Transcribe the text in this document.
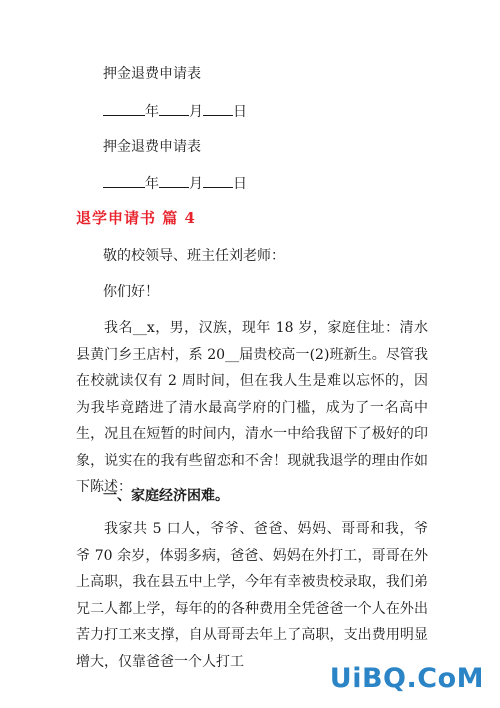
押金退费申请表
年 月 日
押金退费申请表
年 月 日
退学申请书 篇 4
敬的校领导、班主任刘老师：
你们好！
我名__x，男，汉族，现年 18 岁，家庭住址：清水县黄门乡王店村，系 20__届贵校高一(2)班新生。尽管我在校就读仅有 2 周时间，但在我人生是难以忘怀的，因为我毕竟踏进了清水最高学府的门槛，成为了一名高中生，况且在短暂的时间内，清水一中给我留下了极好的印象，说实在的我有些留恋和不舍！现就我退学的理由作如下陈述：
一、家庭经济困难。
我家共 5 口人，爷爷、爸爸、妈妈、哥哥和我，爷爷 70 余岁，体弱多病，爸爸、妈妈在外打工，哥哥在外上高职，我在县五中上学，今年有幸被贵校录取，我们弟兄二人都上学，每年的的各种费用全凭爸爸一个人在外出苦力打工来支撑，自从哥哥去年上了高职，支出费用明显增大，仅靠爸爸一个人打工
UiBQ.CoM
